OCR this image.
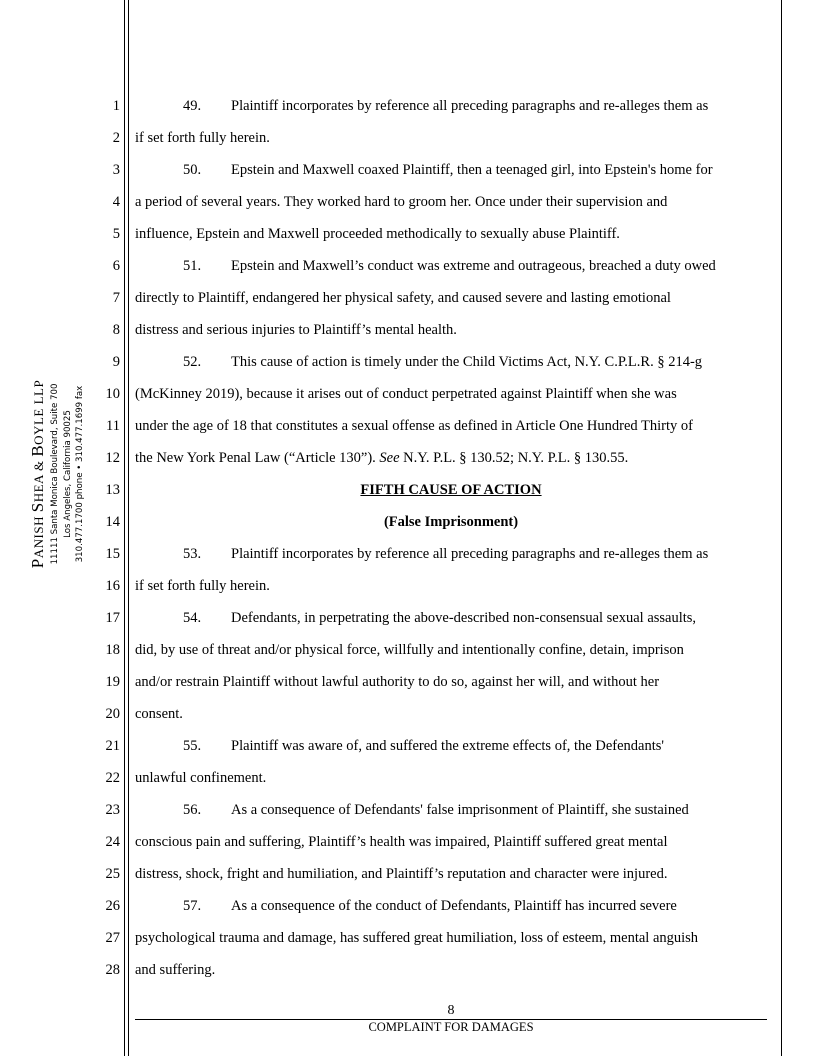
PANISH SHEA & BOYLE LLP 11111 Santa Monica Boulevard, Suite 700 Los Angeles, California 90025 310.477.1700 phone • 310.477.1699 fax
1
2
3
4
5
6
7
8
9
10
11
12
13
14
15
16
17
18
19
20
21
22
23
24
25
26
27
28
49. Plaintiff incorporates by reference all preceding paragraphs and re-alleges them as
if set forth fully herein.
50. Epstein and Maxwell coaxed Plaintiff, then a teenaged girl, into Epstein's home for
a period of several years. They worked hard to groom her. Once under their supervision and
influence, Epstein and Maxwell proceeded methodically to sexually abuse Plaintiff.
51. Epstein and Maxwell’s conduct was extreme and outrageous, breached a duty owed
directly to Plaintiff, endangered her physical safety, and caused severe and lasting emotional
distress and serious injuries to Plaintiff’s mental health.
52. This cause of action is timely under the Child Victims Act, N.Y. C.P.L.R. § 214-g
(McKinney 2019), because it arises out of conduct perpetrated against Plaintiff when she was
under the age of 18 that constitutes a sexual offense as defined in Article One Hundred Thirty of
the New York Penal Law (“Article 130”). See N.Y. P.L. § 130.52; N.Y. P.L. § 130.55.
FIFTH CAUSE OF ACTION
(False Imprisonment)
53. Plaintiff incorporates by reference all preceding paragraphs and re-alleges them as
if set forth fully herein.
54. Defendants, in perpetrating the above-described non-consensual sexual assaults,
did, by use of threat and/or physical force, willfully and intentionally confine, detain, imprison
and/or restrain Plaintiff without lawful authority to do so, against her will, and without her
consent.
55. Plaintiff was aware of, and suffered the extreme effects of, the Defendants'
unlawful confinement.
56. As a consequence of Defendants' false imprisonment of Plaintiff, she sustained
conscious pain and suffering, Plaintiff’s health was impaired, Plaintiff suffered great mental
distress, shock, fright and humiliation, and Plaintiff’s reputation and character were injured.
57. As a consequence of the conduct of Defendants, Plaintiff has incurred severe
psychological trauma and damage, has suffered great humiliation, loss of esteem, mental anguish
and suffering.
8
COMPLAINT FOR DAMAGES
